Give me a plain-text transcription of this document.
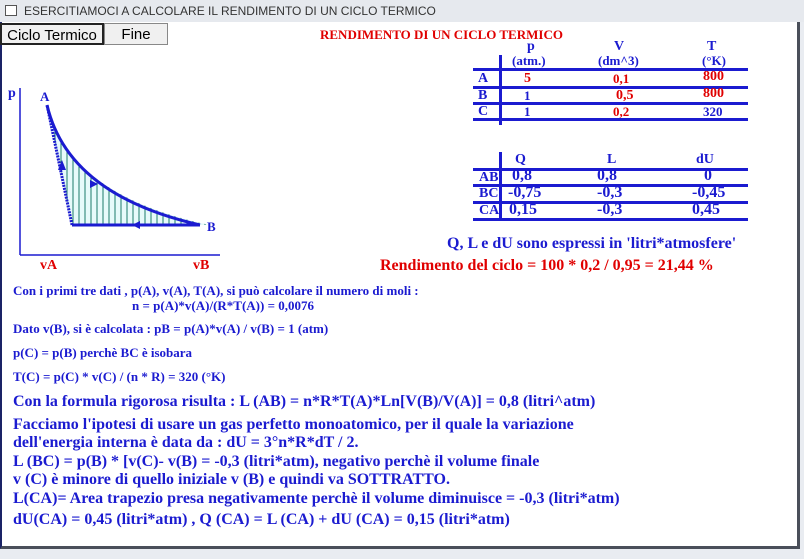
ESERCITIAMOCI A CALCOLARE IL RENDIMENTO DI UN CICLO TERMICO
Ciclo Termico	Fine	RENDIMENTO DI UN CICLO TERMICO
p A
B
vA	vB
p
(atm.)
V
(dm^3)
T
(°K)
A	5	0,1	800
B	1	0,5	800
C	1	0,2	320
Q	L	dU
AB 0,8	0,8	0
BC -0,75	-0,3	-0,45
CA 0,15	-0,3	0,45
Q, L e dU sono espressi in 'litri*atmosfere'
Rendimento del ciclo = 100 * 0,2 / 0,95 = 21,44 %
Con i primi tre dati , p(A), v(A), T(A), si può calcolare il numero di moli :
n = p(A)*v(A)/(R*T(A)) = 0,0076
Dato v(B), si è calcolata : pB = p(A)*v(A) / v(B) = 1 (atm)
p(C) = p(B) perchè BC è isobara
T(C) = p(C) * v(C) / (n * R) = 320 (°K)
Con la formula rigorosa risulta : L (AB) = n*R*T(A)*Ln[V(B)/V(A)] = 0,8 (litri^atm)
Facciamo l'ipotesi di usare un gas perfetto monoatomico, per il quale la variazione
dell'energia interna è data da : dU = 3°n*R*dT / 2.
L (BC) = p(B) * [v(C)- v(B) = -0,3 (litri*atm), negativo perchè il volume finale
v (C) è minore di quello iniziale v (B) e quindi va SOTTRATTO.
L(CA)= Area trapezio presa negativamente perchè il volume diminuisce = -0,3 (litri*atm)
dU(CA) = 0,45 (litri*atm) , Q (CA) = L (CA) + dU (CA) = 0,15 (litri*atm)
